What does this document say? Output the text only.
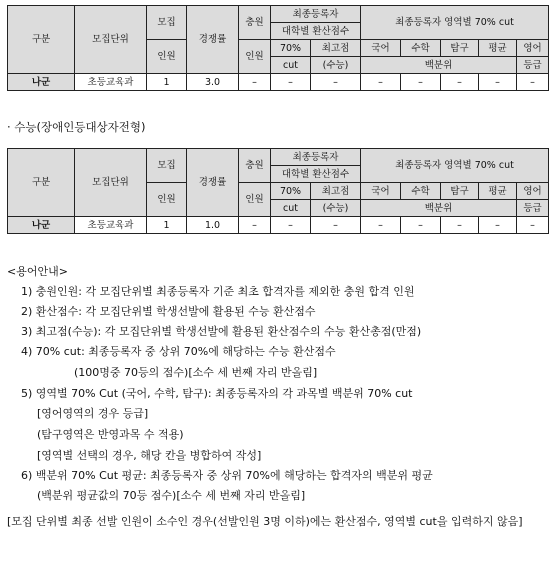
구분	모집단위	모집	경쟁률	충원	최종등록자		최종등록자 영역별 70% cut				
					대학별 환산점수						
		인원		인원	70%	최고점	국어	수학	탐구	평균	영어
					cut	(수능)	백분위				등급
나군	초등교육과	1	3.0	–	–	–	–	–	–	–	–
· 수능(장애인등대상자전형)
구분	모집단위	모집	경쟁률	충원	최종등록자		최종등록자 영역별 70% cut				
					대학별 환산점수						
		인원		인원	70%	최고점	국어	수학	탐구	평균	영어
					cut	(수능)	백분위				등급
나군	초등교육과	1	1.0	–	–	–	–	–	–	–	–
<용어안내>
1) 충원인원: 각 모집단위별 최종등록자 기준 최초 합격자를 제외한 충원 합격 인원
2) 환산점수: 각 모집단위별 학생선발에 활용된 수능 환산점수
3) 최고점(수능): 각 모집단위별 학생선발에 활용된 환산점수의 수능 환산총점(만점)
4) 70% cut: 최종등록자 중 상위 70%에 해당하는 수능 환산점수
(100명중 70등의 점수)[소수 세 번째 자리 반올림]
5) 영역별 70% Cut (국어, 수학, 탐구): 최종등록자의 각 과목별 백분위 70% cut
[영어영역의 경우 등급]
(탐구영역은 반영과목 수 적용)
[영역별 선택의 경우, 해당 칸을 병합하여 작성]
6) 백분위 70% Cut 평균: 최종등록자 중 상위 70%에 해당하는 합격자의 백분위 평균
(백분위 평균값의 70등 점수)[소수 세 번째 자리 반올림]
[모집 단위별 최종 선발 인원이 소수인 경우(선발인원 3명 이하)에는 환산점수, 영역별 cut을 입력하지 않음]
